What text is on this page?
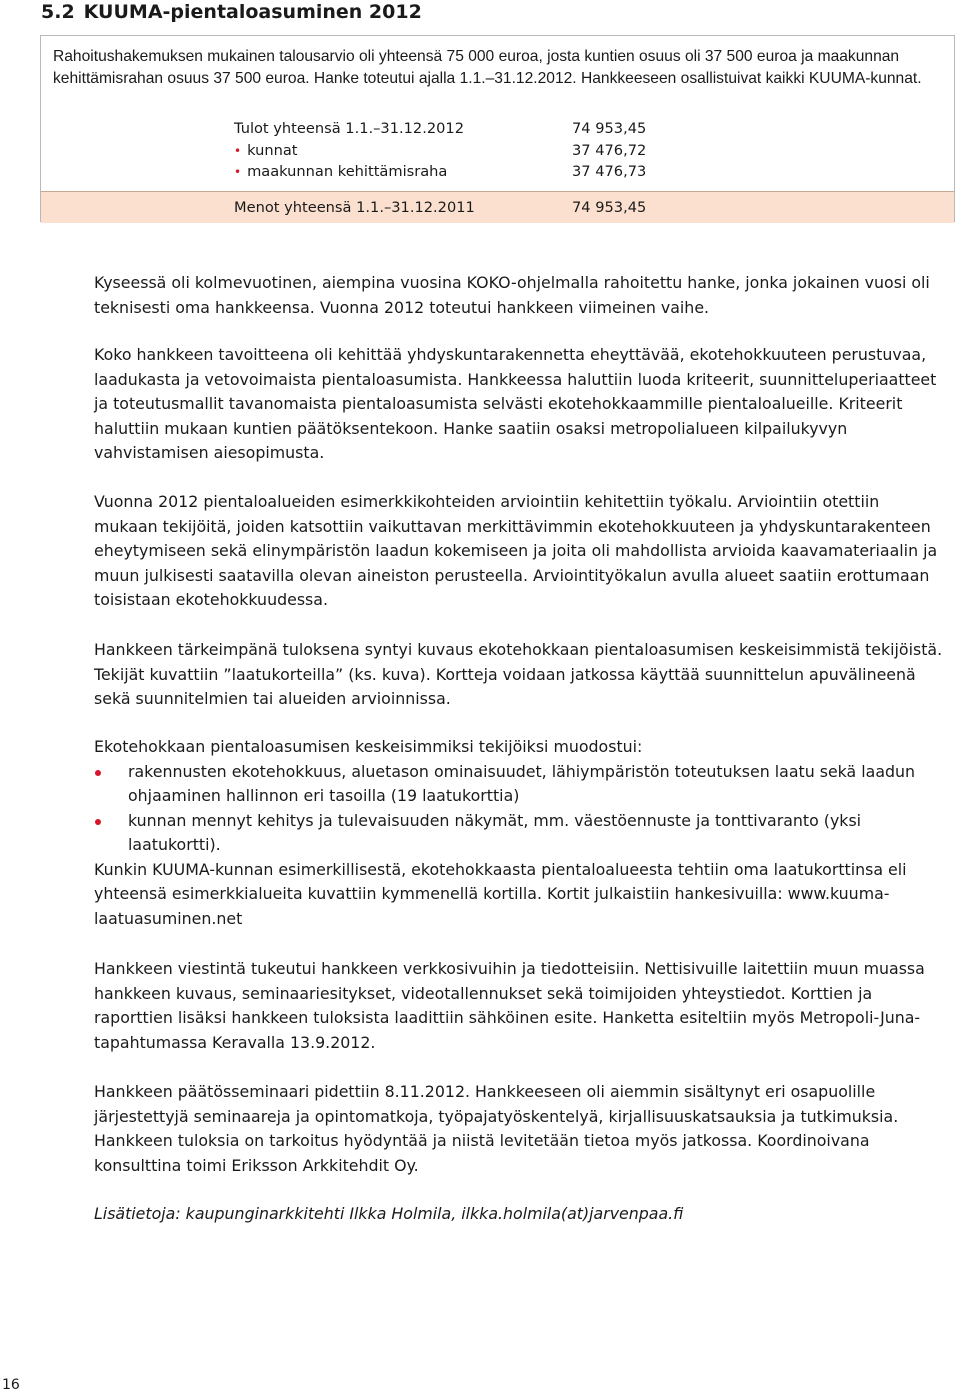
5.2 KUUMA-pientaloasuminen 2012
Rahoitushakemuksen mukainen talousarvio oli yhteensä 75 000 euroa, josta kuntien osuus oli 37 500 euroa ja maakunnan kehittämisrahan osuus 37 500 euroa. Hanke toteutui ajalla 1.1.–31.12.2012. Hankkeeseen osallistuivat kaikki KUUMA-kunnat.
Tulot yhteensä 1.1.–31.12.2012	74 953,45
• kunnat	37 476,72
• maakunnan kehittämisraha	37 476,73
Menot yhteensä 1.1.–31.12.2011	74 953,45

Kyseessä oli kolmevuotinen, aiempina vuosina KOKO-ohjelmalla rahoitettu hanke, jonka jokainen vuosi oli teknisesti oma hankkeensa. Vuonna 2012 toteutui hankkeen viimeinen vaihe.

Koko hankkeen tavoitteena oli kehittää yhdyskuntarakennetta eheyttävää, ekotehokkuuteen perustuvaa, laadukasta ja vetovoimaista pientaloasumista. Hankkeessa haluttiin luoda kriteerit, suunnitteluperiaatteet ja toteutusmallit tavanomaista pientaloasumista selvästi ekotehokkaammille pientaloalueille. Kriteerit haluttiin mukaan kuntien päätöksentekoon. Hanke saatiin osaksi metropolialueen kilpailukyvyn vahvistamisen aiesopimusta.

Vuonna 2012 pientaloalueiden esimerkkikohteiden arviointiin kehitettiin työkalu. Arviointiin otettiin mukaan tekijöitä, joiden katsottiin vaikuttavan merkittävimmin ekotehokkuuteen ja yhdyskuntarakenteen eheytymiseen sekä elinympäristön laadun kokemiseen ja joita oli mahdollista arvioida kaavamateriaalin ja muun julkisesti saatavilla olevan aineiston perusteella. Arviointityökalun avulla alueet saatiin erottumaan toisistaan ekotehokkuudessa.

Hankkeen tärkeimpänä tuloksena syntyi kuvaus ekotehokkaan pientaloasumisen keskeisimmistä tekijöistä. Tekijät kuvattiin ”laatukorteilla” (ks. kuva). Kortteja voidaan jatkossa käyttää suunnittelun apuvälineenä sekä suunnitelmien tai alueiden arvioinnissa.

Ekotehokkaan pientaloasumisen keskeisimmiksi tekijöiksi muodostui:
rakennusten ekotehokkuus, aluetason ominaisuudet, lähiympäristön toteutuksen laatu sekä laadun ohjaaminen hallinnon eri tasoilla (19 laatukorttia)
kunnan mennyt kehitys ja tulevaisuuden näkymät, mm. väestöennuste ja tonttivaranto (yksi laatukortti).
Kunkin KUUMA-kunnan esimerkillisestä, ekotehokkaasta pientaloalueesta tehtiin oma laatukorttinsa eli yhteensä esimerkkialueita kuvattiin kymmenellä kortilla. Kortit julkaistiin hankesivuilla: www.kuuma-laatuasuminen.net

Hankkeen viestintä tukeutui hankkeen verkkosivuihin ja tiedotteisiin. Nettisivuille laitettiin muun muassa hankkeen kuvaus, seminaariesitykset, videotallennukset sekä toimijoiden yhteystiedot. Korttien ja raporttien lisäksi hankkeen tuloksista laadittiin sähköinen esite. Hanketta esiteltiin myös Metropoli-Juna-tapahtumassa Keravalla 13.9.2012.

Hankkeen päätösseminaari pidettiin 8.11.2012. Hankkeeseen oli aiemmin sisältynyt eri osapuolille järjestettyjä seminaareja ja opintomatkoja, työpajatyöskentelyä, kirjallisuuskatsauksia ja tutkimuksia. Hankkeen tuloksia on tarkoitus hyödyntää ja niistä levitetään tietoa myös jatkossa. Koordinoivana konsulttina toimi Eriksson Arkkitehdit Oy.

Lisätietoja: kaupunginarkkitehti Ilkka Holmila, ilkka.holmila(at)jarvenpaa.fi

16
